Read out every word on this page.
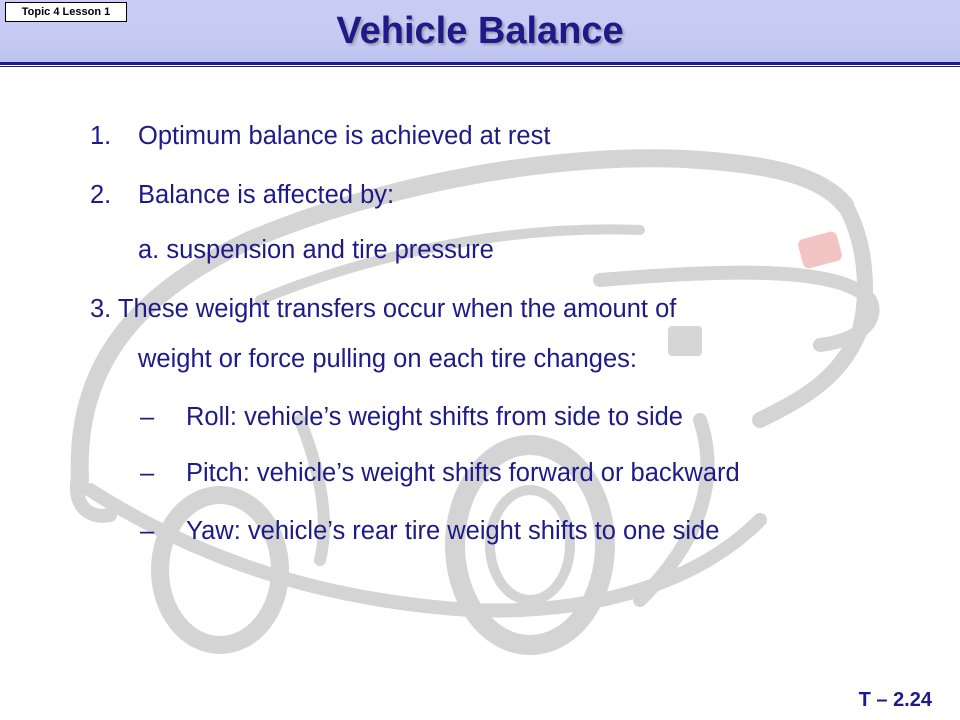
Topic 4 Lesson 1	Vehicle Balance
1. Optimum balance is achieved at rest
2. Balance is affected by:
a. suspension and tire pressure
3. These weight transfers occur when the amount of
weight or force pulling on each tire changes:
– Roll: vehicle’s weight shifts from side to side
– Pitch: vehicle’s weight shifts forward or backward
– Yaw: vehicle’s rear tire weight shifts to one side
T – 2.24
